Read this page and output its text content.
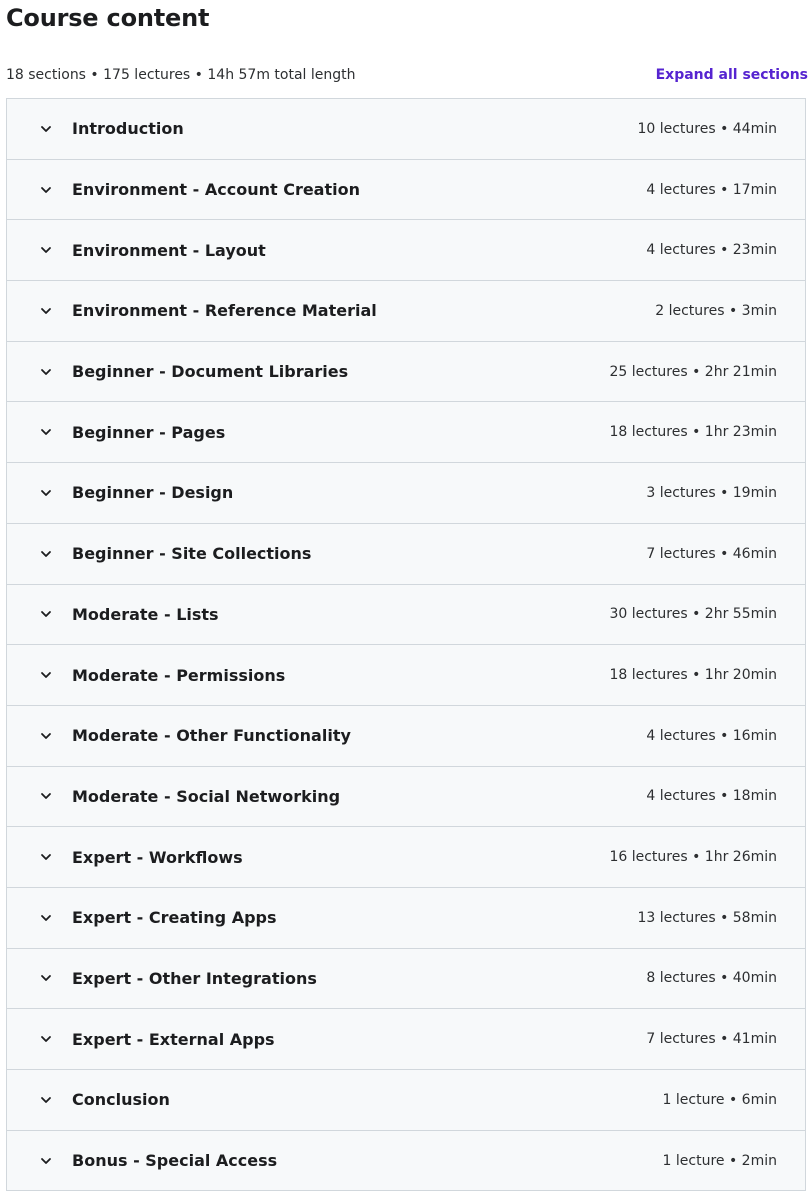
Course content
18 sections • 175 lectures • 14h 57m total length	Expand all sections
Introduction	10 lectures • 44min
Environment - Account Creation	4 lectures • 17min
Environment - Layout	4 lectures • 23min
Environment - Reference Material	2 lectures • 3min
Beginner - Document Libraries	25 lectures • 2hr 21min
Beginner - Pages	18 lectures • 1hr 23min
Beginner - Design	3 lectures • 19min
Beginner - Site Collections	7 lectures • 46min
Moderate - Lists	30 lectures • 2hr 55min
Moderate - Permissions	18 lectures • 1hr 20min
Moderate - Other Functionality	4 lectures • 16min
Moderate - Social Networking	4 lectures • 18min
Expert - Workflows	16 lectures • 1hr 26min
Expert - Creating Apps	13 lectures • 58min
Expert - Other Integrations	8 lectures • 40min
Expert - External Apps	7 lectures • 41min
Conclusion	1 lecture • 6min
Bonus - Special Access	1 lecture • 2min
